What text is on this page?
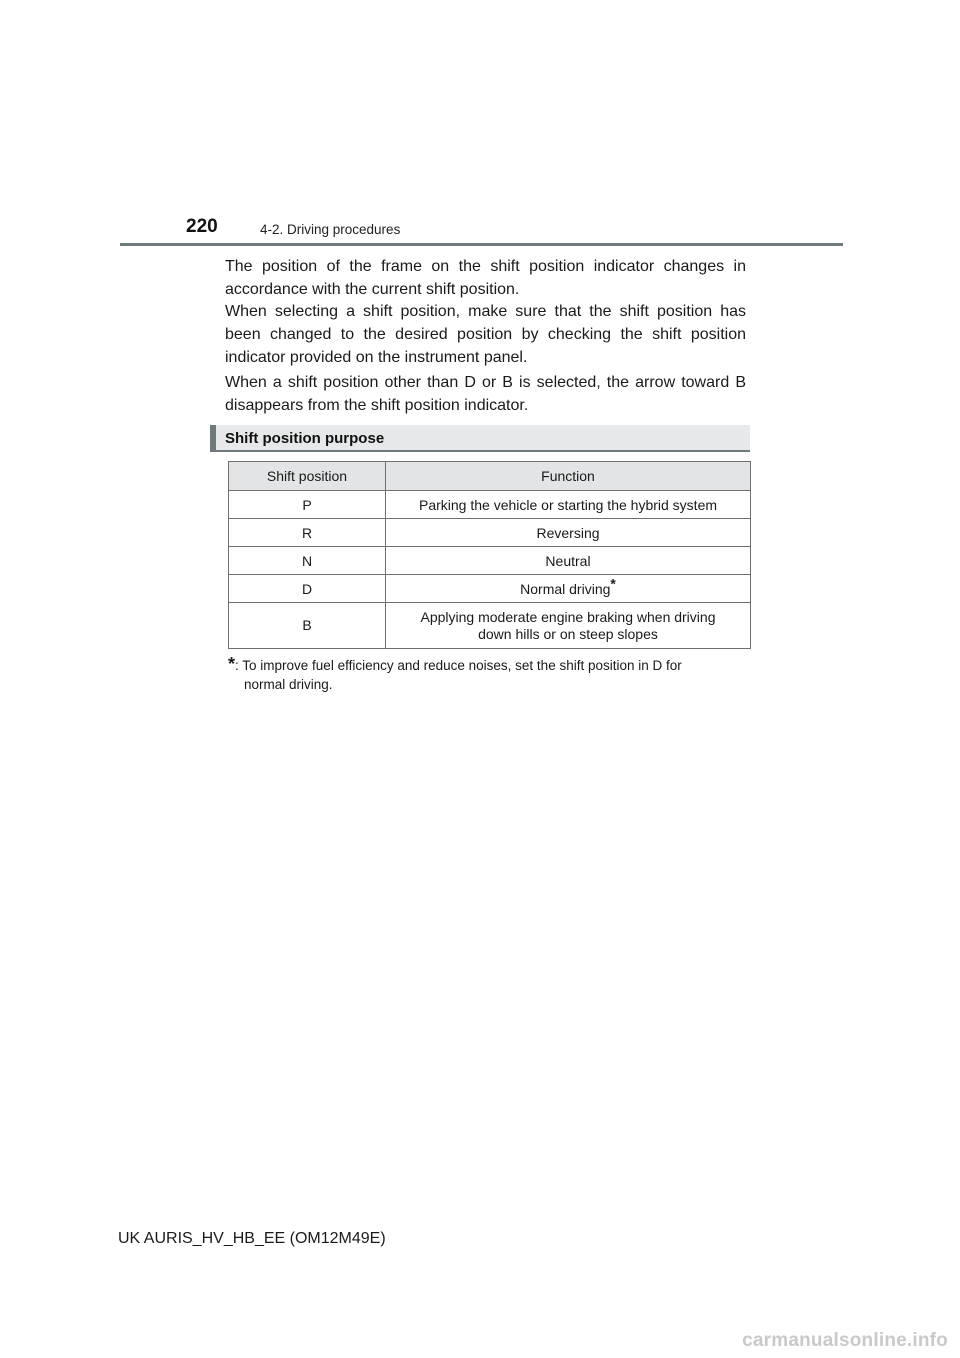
220	4-2. Driving procedures

The position of the frame on the shift position indicator changes in accordance with the current shift position.

When selecting a shift position, make sure that the shift position has been changed to the desired position by checking the shift position indicator provided on the instrument panel.

When a shift position other than D or B is selected, the arrow toward B disappears from the shift position indicator.

Shift position purpose
Shift position	Function
P	Parking the vehicle or starting the hybrid system
R	Reversing
N	Neutral
D	Normal driving*
B	Applying moderate engine braking when driving
down hills or on steep slopes
*: To improve fuel efficiency and reduce noises, set the shift position in D for
normal driving.
UK AURIS_HV_HB_EE (OM12M49E)
carmanualsonline.info
